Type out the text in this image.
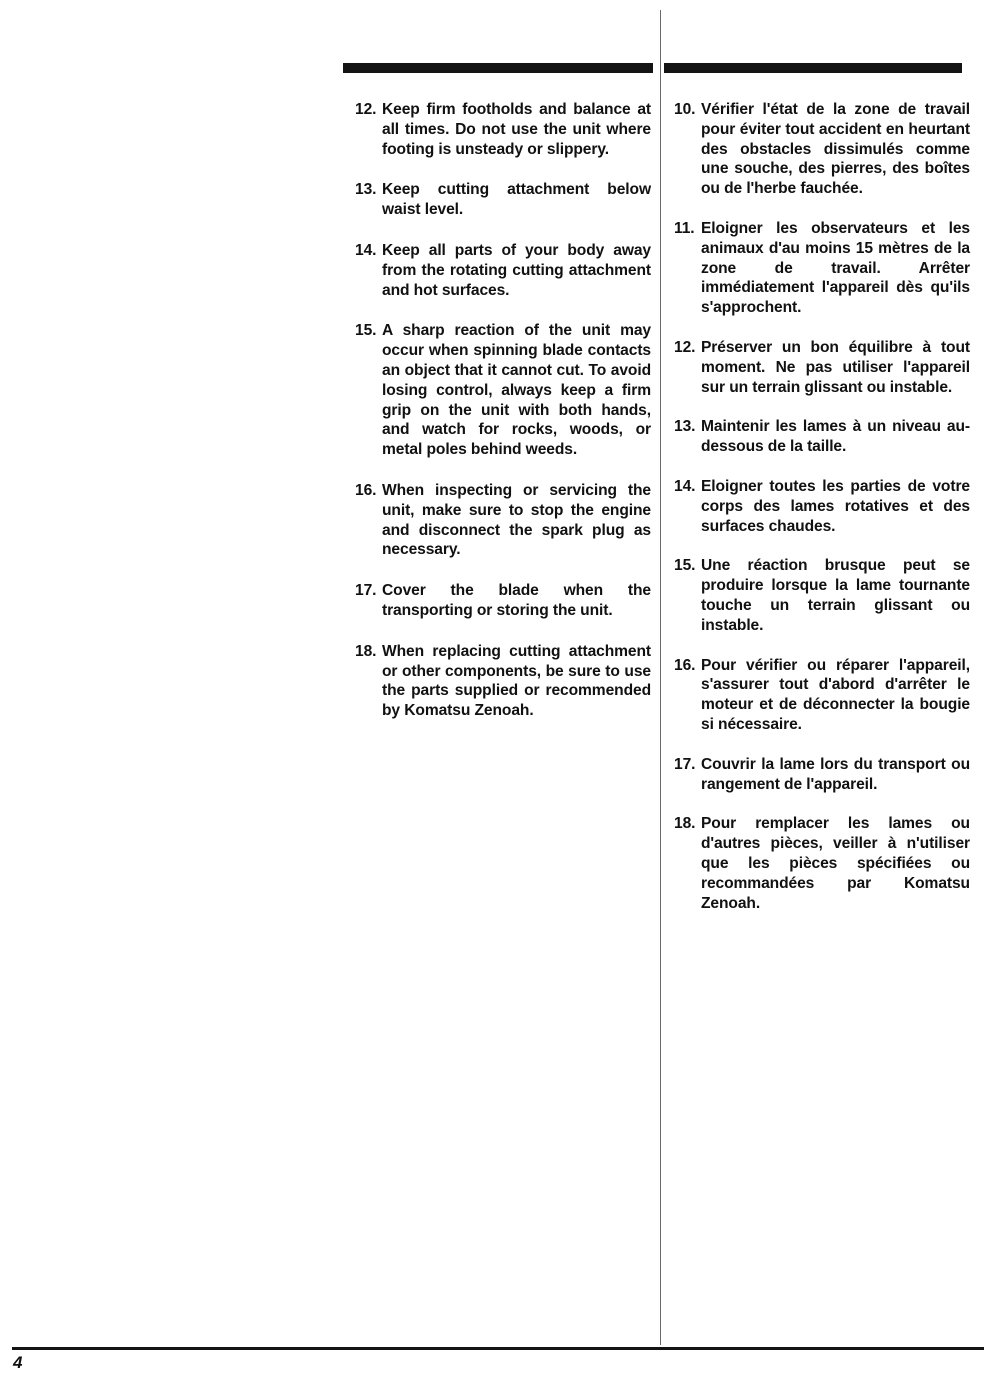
12. Keep firm footholds and balance at all times. Do not use the unit where footing is unsteady or slippery.
13. Keep cutting attachment below waist level.
14. Keep all parts of your body away from the rotating cutting attachment and hot surfaces.
15. A sharp reaction of the unit may occur when spinning blade contacts an object that it cannot cut. To avoid losing control, always keep a firm grip on the unit with both hands, and watch for rocks, woods, or metal poles behind weeds.
16. When inspecting or servicing the unit, make sure to stop the engine and disconnect the spark plug as necessary.
17. Cover the blade when the transporting or storing the unit.
18. When replacing cutting attachment or other components, be sure to use the parts supplied or recommended by Komatsu Zenoah.
10. Vérifier l'état de la zone de travail pour éviter tout accident en heurtant des obstacles dissimulés comme une souche, des pierres, des boîtes ou de l'herbe fauchée.
11. Eloigner les observateurs et les animaux d'au moins 15 mètres de la zone de travail. Arrêter immédiatement l'appareil dès qu'ils s'approchent.
12. Préserver un bon équilibre à tout moment. Ne pas utiliser l'appareil sur un terrain glissant ou instable.
13. Maintenir les lames à un niveau au-dessous de la taille.
14. Eloigner toutes les parties de votre corps des lames rotatives et des surfaces chaudes.
15. Une réaction brusque peut se produire lorsque la lame tournante touche un terrain glissant ou instable.
16. Pour vérifier ou réparer l'appareil, s'assurer tout d'abord d'arrêter le moteur et de déconnecter la bougie si nécessaire.
17. Couvrir la lame lors du transport ou rangement de l'appareil.
18. Pour remplacer les lames ou d'autres pièces, veiller à n'utiliser que les pièces spécifiées ou recommandées par Komatsu Zenoah.
4
